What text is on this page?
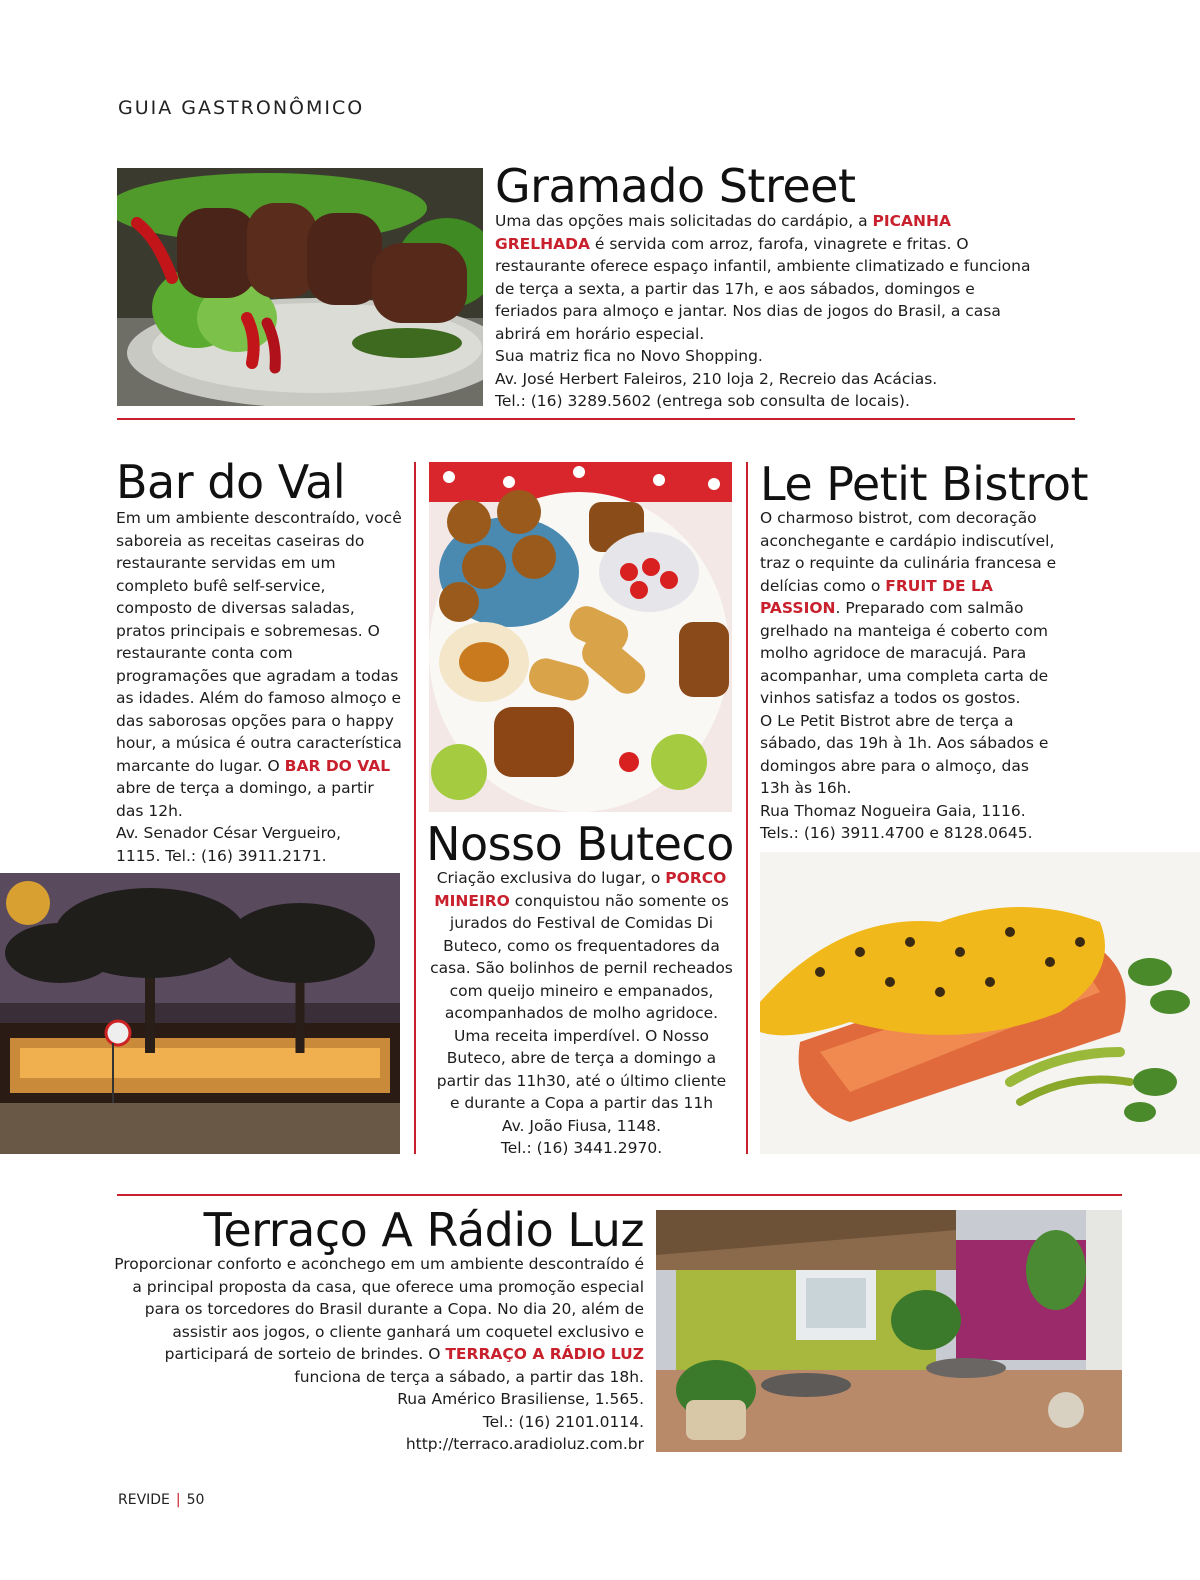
GUIA GASTRONÔMICO
Gramado Street
Uma das opções mais solicitadas do cardápio, a PICANHA GRELHADA é servida com arroz, farofa, vinagrete e fritas. O restaurante oferece espaço infantil, ambiente climatizado e funciona de terça a sexta, a partir das 17h, e aos sábados, domingos e feriados para almoço e jantar. Nos dias de jogos do Brasil, a casa abrirá em horário especial.
Sua matriz fica no Novo Shopping.
Av. José Herbert Faleiros, 210 loja 2, Recreio das Acácias.
Tel.: (16) 3289.5602 (entrega sob consulta de locais).
Bar do Val
Em um ambiente descontraído, você saboreia as receitas caseiras do restaurante servidas em um completo bufê self-service, composto de diversas saladas, pratos principais e sobremesas. O restaurante conta com programações que agradam a todas as idades. Além do famoso almoço e das saborosas opções para o happy hour, a música é outra característica marcante do lugar. O BAR DO VAL abre de terça a domingo, a partir das 12h.
Av. Senador César Vergueiro,
1115. Tel.: (16) 3911.2171.	Nosso Buteco
Criação exclusiva do lugar, o PORCO MINEIRO conquistou não somente os jurados do Festival de Comidas Di Buteco, como os frequentadores da casa. São bolinhos de pernil recheados com queijo mineiro e empanados, acompanhados de molho agridoce. Uma receita imperdível. O Nosso Buteco, abre de terça a domingo a partir das 11h30, até o último cliente e durante a Copa a partir das 11h
Av. João Fiusa, 1148.
Tel.: (16) 3441.2970.
Le Petit Bistrot
O charmoso bistrot, com decoração aconchegante e cardápio indiscutível, traz o requinte da culinária francesa e delícias como o FRUIT DE LA PASSION. Preparado com salmão grelhado na manteiga é coberto com molho agridoce de maracujá. Para acompanhar, uma completa carta de vinhos satisfaz a todos os gostos.
O Le Petit Bistrot abre de terça a sábado, das 19h à 1h. Aos sábados e domingos abre para o almoço, das 13h às 16h.
Rua Thomaz Nogueira Gaia, 1116.
Tels.: (16) 3911.4700 e 8128.0645.
Terraço A Rádio Luz
Proporcionar conforto e aconchego em um ambiente descontraído é a principal proposta da casa, que oferece uma promoção especial para os torcedores do Brasil durante a Copa. No dia 20, além de assistir aos jogos, o cliente ganhará um coquetel exclusivo e participará de sorteio de brindes. O TERRAÇO A RÁDIO LUZ funciona de terça a sábado, a partir das 18h.
Rua Américo Brasiliense, 1.565.
Tel.: (16) 2101.0114.
http://terraco.aradioluz.com.br
REVIDE | 50
